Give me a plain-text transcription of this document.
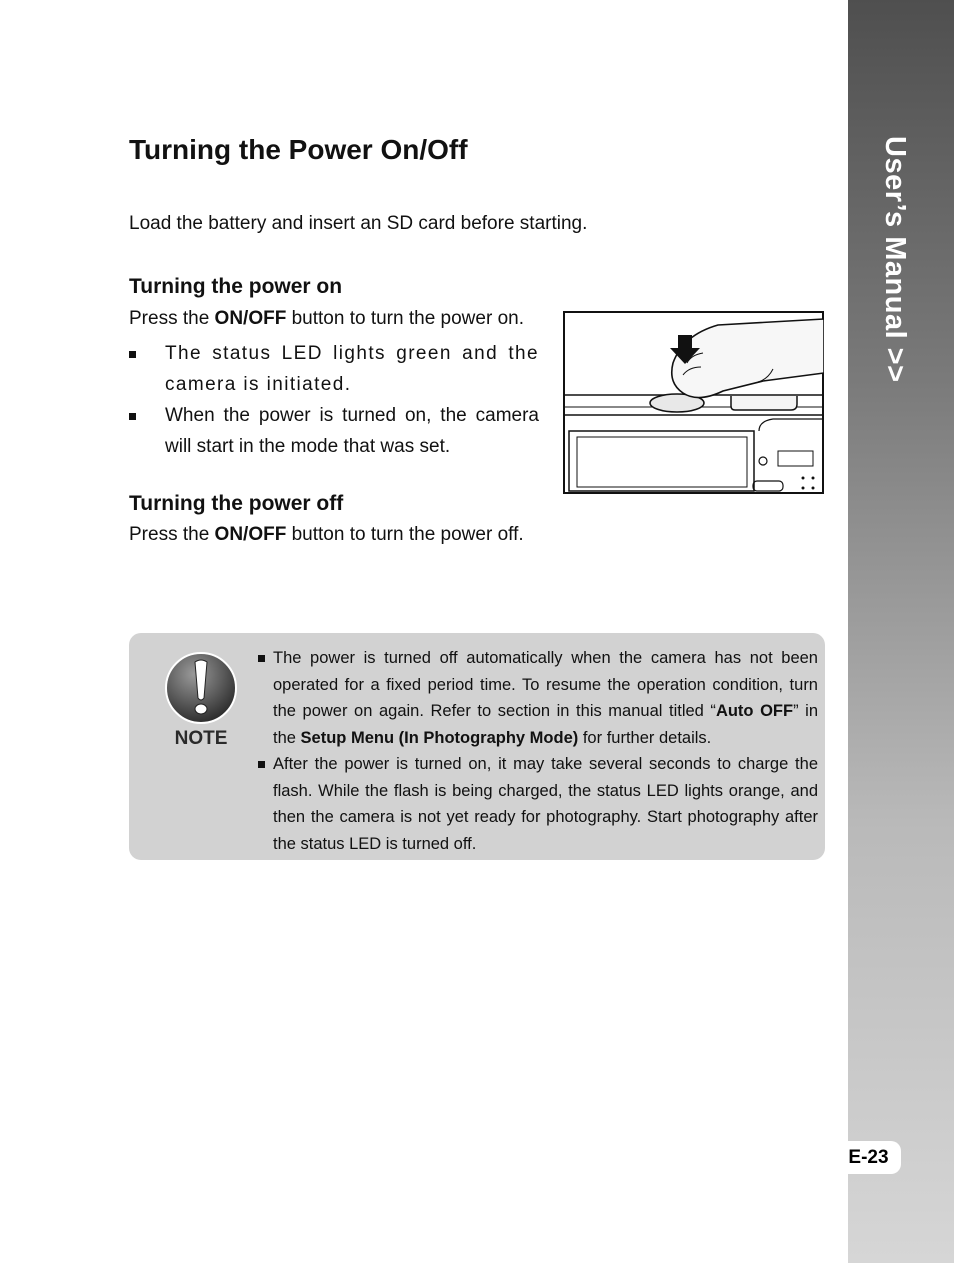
User’s Manual >>
E-23
Turning the Power On/Off
Load the battery and insert an SD card before starting.
Turning the power on
Press the ON/OFF button to turn the power on.
The status LED lights green and the camera is initiated.
When the power is turned on, the camera will start in the mode that was set.
Turning the power off
Press the ON/OFF button to turn the power off.
NOTE
The power is turned off automatically when the camera has not been operated for a fixed period time. To resume the operation condition, turn the power on again. Refer to section in this manual titled “Auto OFF” in the Setup Menu (In Photography Mode) for further details.
After the power is turned on, it may take several seconds to charge the flash. While the flash is being charged, the status LED lights orange, and then the camera is not yet ready for photography. Start photography after the status LED is turned off.
